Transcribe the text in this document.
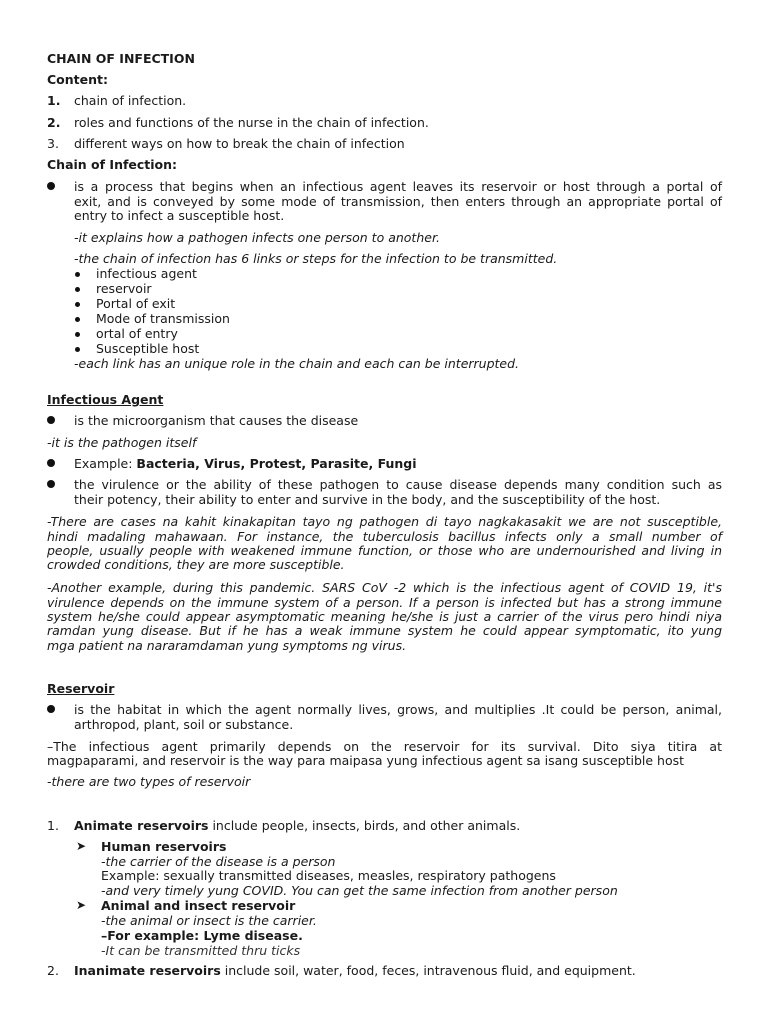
CHAIN OF INFECTION
Content:
1. chain of infection.
2. roles and functions of the nurse in the chain of infection.
3. different ways on how to break the chain of infection
Chain of Infection:
is a process that begins when an infectious agent leaves its reservoir or host through a portal of
exit, and is conveyed by some mode of transmission, then enters through an appropriate portal of
entry to infect a susceptible host.
-it explains how a pathogen infects one person to another.
-the chain of infection has 6 links or steps for the infection to be transmitted.
infectious agent
reservoir
Portal of exit
Mode of transmission
ortal of entry
Susceptible host
-each link has an unique role in the chain and each can be interrupted.
Infectious Agent
is the microorganism that causes the disease
-it is the pathogen itself
Example: Bacteria, Virus, Protest, Parasite, Fungi
the virulence or the ability of these pathogen to cause disease depends many condition such as
their potency, their ability to enter and survive in the body, and the susceptibility of the host.
-There are cases na kahit kinakapitan tayo ng pathogen di tayo nagkakasakit we are not susceptible,
hindi madaling mahawaan. For instance, the tuberculosis bacillus infects only a small number of
people, usually people with weakened immune function, or those who are undernourished and living in
crowded conditions, they are more susceptible.
-Another example, during this pandemic. SARS CoV -2 which is the infectious agent of COVID 19, it's
virulence depends on the immune system of a person. If a person is infected but has a strong immune
system he/she could appear asymptomatic meaning he/she is just a carrier of the virus pero hindi niya
ramdan yung disease. But if he has a weak immune system he could appear symptomatic, ito yung
mga patient na nararamdaman yung symptoms ng virus.
Reservoir
is the habitat in which the agent normally lives, grows, and multiplies .It could be person, animal,
arthropod, plant, soil or substance.
–The infectious agent primarily depends on the reservoir for its survival. Dito siya titira at
magpaparami, and reservoir is the way para maipasa yung infectious agent sa isang susceptible host
-there are two types of reservoir
1. Animate reservoirs include people, insects, birds, and other animals.
➤ Human reservoirs
-the carrier of the disease is a person
Example: sexually transmitted diseases, measles, respiratory pathogens
-and very timely yung COVID. You can get the same infection from another person
➤ Animal and insect reservoir
-the animal or insect is the carrier.
–For example: Lyme disease.
-It can be transmitted thru ticks
2. Inanimate reservoirs include soil, water, food, feces, intravenous fluid, and equipment.
